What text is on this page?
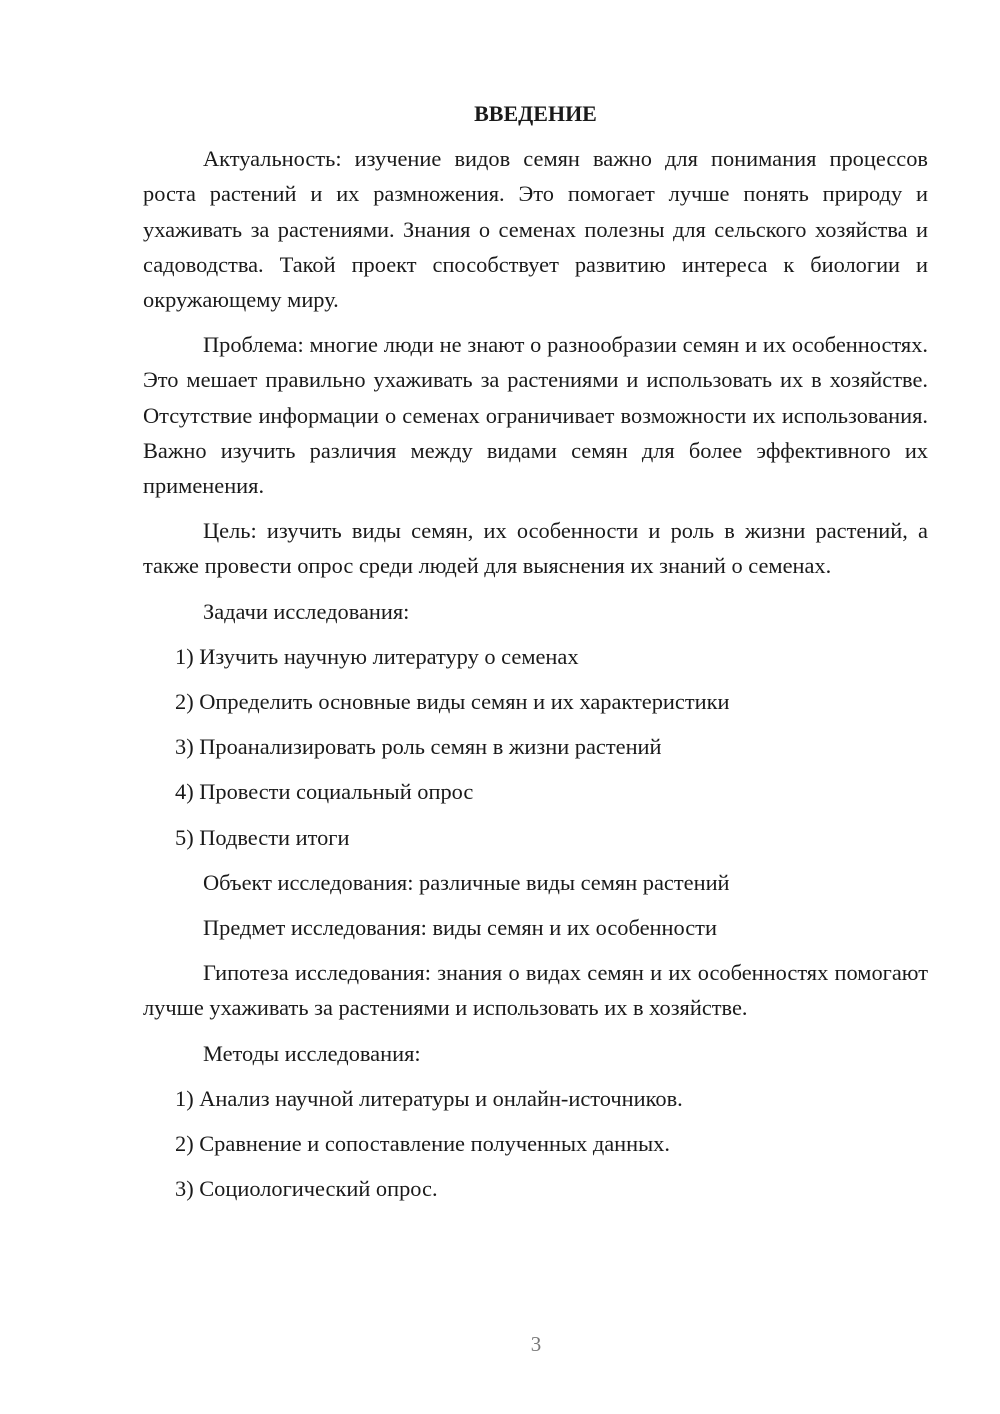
ВВЕДЕНИЕ
Актуальность: изучение видов семян важно для понимания процессов роста растений и их размножения. Это помогает лучше понять природу и ухаживать за растениями. Знания о семенах полезны для сельского хозяйства и садоводства. Такой проект способствует развитию интереса к биологии и окружающему миру.
Проблема: многие люди не знают о разнообразии семян и их особенностях. Это мешает правильно ухаживать за растениями и использовать их в хозяйстве. Отсутствие информации о семенах ограничивает возможности их использования. Важно изучить различия между видами семян для более эффективного их применения.
Цель: изучить виды семян, их особенности и роль в жизни растений, а также провести опрос среди людей для выяснения их знаний о семенах.
Задачи исследования:
1) Изучить научную литературу о семенах
2) Определить основные виды семян и их характеристики
3) Проанализировать роль семян в жизни растений
4) Провести социальный опрос
5) Подвести итоги
Объект исследования: различные виды семян растений
Предмет исследования: виды семян и их особенности
Гипотеза исследования: знания о видах семян и их особенностях помогают лучше ухаживать за растениями и использовать их в хозяйстве.
Методы исследования:
1) Анализ научной литературы и онлайн-источников.
2) Сравнение и сопоставление полученных данных.
3) Социологический опрос.
3
